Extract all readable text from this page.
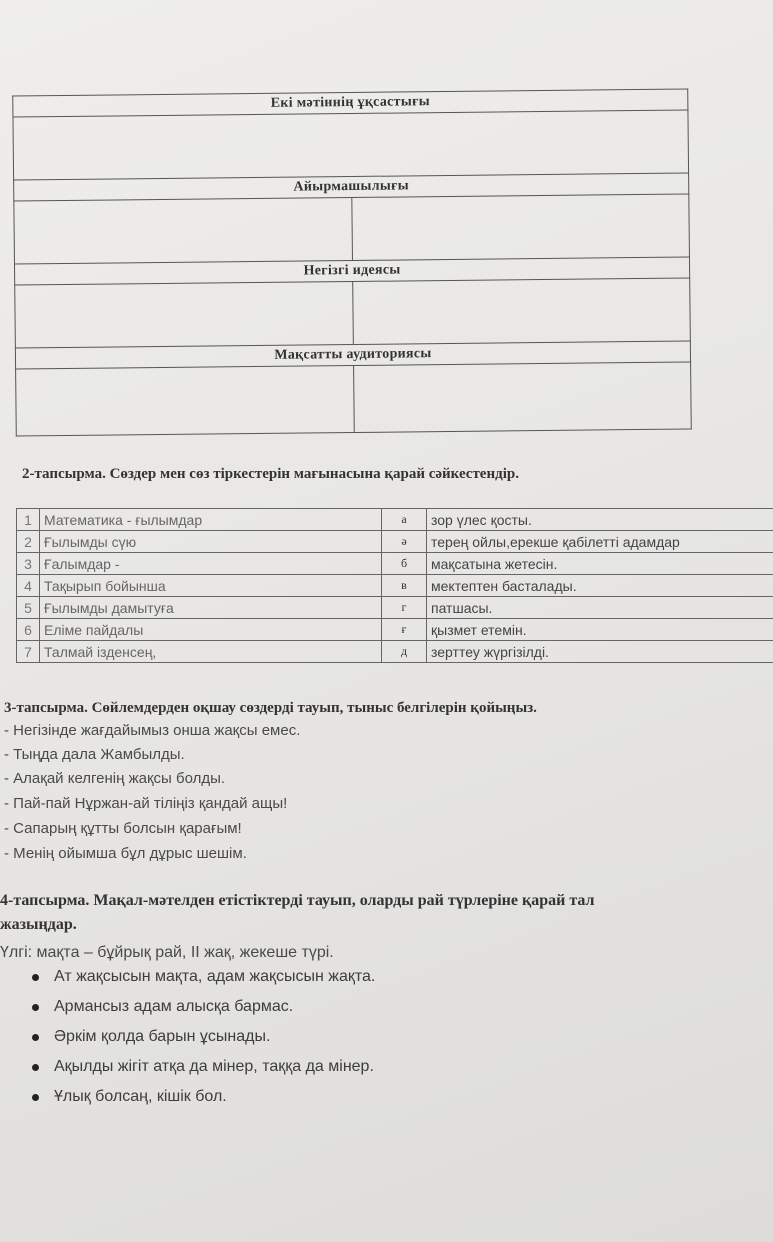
Екі мәтіннің ұқсастығы	

Айырмашылығы	

Негізгі идеясы	

Мақсатты аудиториясы	

2-тапсырма. Сөздер мен сөз тіркестерін мағынасына қарай сәйкестендір.
1	Математика - ғылымдар	а	зор үлес қосты.
2	Ғылымды сүю	ә	терең ойлы,ерекше қабілетті адамдар
3	Ғалымдар -	б	мақсатына жетесін.
4	Тақырып бойынша	в	мектептен басталады.
5	Ғылымды дамытуға	г	патшасы.
6	Еліме пайдалы	ғ	қызмет етемін.
7	Талмай ізденсең,	д	зерттеу жүргізілді.
3-тапсырма. Сөйлемдерден оқшау сөздерді тауып, тыныс белгілерін қойыңыз.
- Негізінде жағдайымыз онша жақсы емес.
- Тыңда дала Жамбылды.
- Алақай келгенің жақсы болды.
- Пай-пай Нұржан-ай тіліңіз қандай ащы!
- Сапарың құтты болсын қарағым!
- Менің ойымша бұл дұрыс шешім.
4-тапсырма. Мақал-мәтелден етістіктерді тауып, оларды рай түрлеріне қарай тал
жазыңдар.
Үлгі: мақта – бұйрық рай, ІІ жақ, жекеше түрі.
Ат жақсысын мақта, адам жақсысын жақта.
Армансыз адам алысқа бармас.
Әркім қолда барын ұсынады.
Ақылды жігіт атқа да мінер, таққа да мінер.
Ұлық болсаң, кішік бол.
